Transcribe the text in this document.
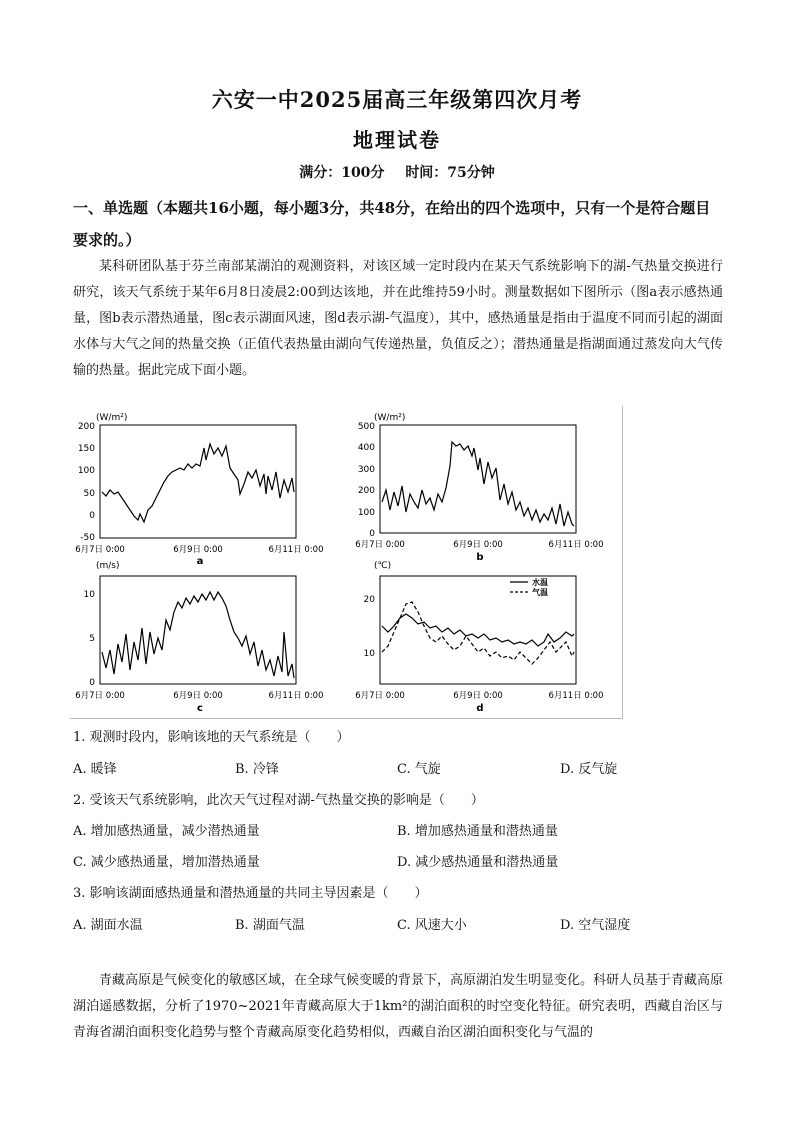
六安一中2025届高三年级第四次月考
地理试卷
满分：100分 时间：75分钟
一、单选题（本题共16小题，每小题3分，共48分，在给出的四个选项中，只有一个是符合题目要求的。）
某科研团队基于芬兰南部某湖泊的观测资料，对该区域一定时段内在某天气系统影响下的湖-气热量交换进行研究，该天气系统于某年6月8日凌晨2:00到达该地，并在此维持59小时。测量数据如下图所示（图a表示感热通量，图b表示潜热通量，图c表示湖面风速，图d表示湖-气温度），其中，感热通量是指由于温度不同而引起的湖面水体与大气之间的热量交换（正值代表热量由湖向气传递热量，负值反之）；潜热通量是指湖面通过蒸发向大气传输的热量。据此完成下面小题。
(W/m²)
200
150
100
50
0
-50
6月7日 0:00	6月9日 0:00	6月11日 0:00
a
(W/m²)
500
400
300
200
100
0
6月7日 0:00	6月9日 0:00	6月11日 0:00
b
(m/s)
10
5
0
6月7日 0:00	6月9日 0:00	6月11日 0:00
c
(℃)
20
10
水温
气温
6月7日 0:00	6月9日 0:00	6月11日 0:00
d
1. 观测时段内，影响该地的天气系统是（　　）
A. 暖锋	B. 冷锋	C. 气旋	D. 反气旋
2. 受该天气系统影响，此次天气过程对湖-气热量交换的影响是（　　）
A. 增加感热通量，减少潜热通量	B. 增加感热通量和潜热通量
C. 减少感热通量，增加潜热通量	D. 减少感热通量和潜热通量
3. 影响该湖面感热通量和潜热通量的共同主导因素是（　　）
A. 湖面水温	B. 湖面气温	C. 风速大小	D. 空气湿度
青藏高原是气候变化的敏感区域，在全球气候变暖的背景下，高原湖泊发生明显变化。科研人员基于青藏高原湖泊遥感数据，分析了1970~2021年青藏高原大于1km²的湖泊面积的时空变化特征。研究表明，西藏自治区与青海省湖泊面积变化趋势与整个青藏高原变化趋势相似，西藏自治区湖泊面积变化与气温的
